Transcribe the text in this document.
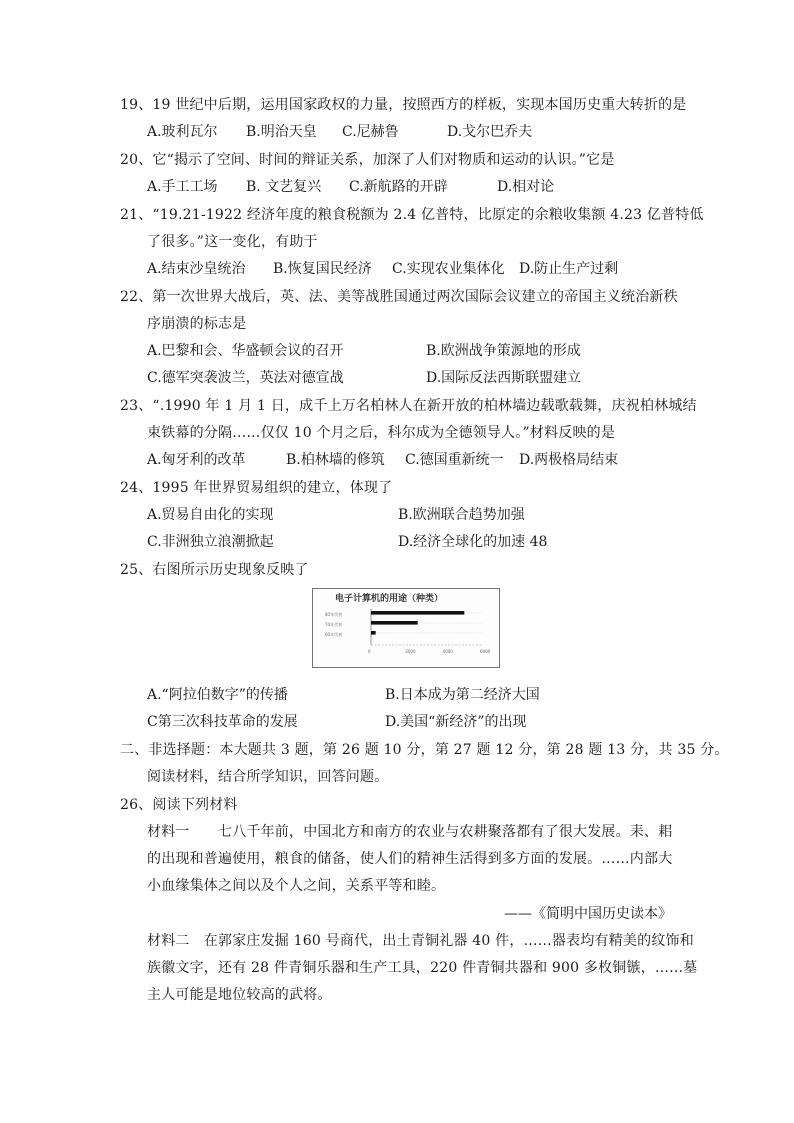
19、19 世纪中后期，运用国家政权的力量，按照西方的样板，实现本国历史重大转折的是
A.玻利瓦尔 B.明治天皇 C.尼赫鲁	D.戈尔巴乔夫
20、它“揭示了空间、时间的辩证关系，加深了人们对物质和运动的认识。”它是
A.手工工场 B. 文艺复兴 C.新航路的开辟	D.相对论
21、“19.21-1922 经济年度的粮食税额为 2.4 亿普特，比原定的余粮收集额 4.23 亿普特低
了很多。”这一变化，有助于
A.结束沙皇统治 B.恢复国民经济 C.实现农业集体化 D.防止生产过剩
22、第一次世界大战后，英、法、美等战胜国通过两次国际会议建立的帝国主义统治新秩
序崩溃的标志是
A.巴黎和会、华盛顿会议的召开	B.欧洲战争策源地的形成
C.德军突袭波兰，英法对德宣战	D.国际反法西斯联盟建立
23、“.1990 年 1 月 1 日，成千上万名柏林人在新开放的柏林墙边载歌载舞，庆祝柏林城结
束铁幕的分隔……仅仅 10 个月之后，科尔成为全德领导人。”材料反映的是
A.匈牙利的改革	B.柏林墙的修筑 C.德国重新统一 D.两极格局结束
24、1995 年世界贸易组织的建立，体现了
A.贸易自由化的实现	B.欧洲联合趋势加强
C.非洲独立浪潮掀起	D.经济全球化的加速 48
25、右图所示历史现象反映了
电子计算机的用途（种类）
80年代初
70年代初
60年代初
0	2000	4000	6000
A.“阿拉伯数字”的传播	B.日本成为第二经济大国
C第三次科技革命的发展	D.美国“新经济”的出现
二、非选择题：本大题共 3 题，第 26 题 10 分，第 27 题 12 分，第 28 题 13 分，共 35 分。
阅读材料，结合所学知识，回答问题。
26、阅读下列材料
材料一　　七八千年前，中国北方和南方的农业与农耕聚落都有了很大发展。耒、耜
的出现和普遍使用，粮食的储备，使人们的精神生活得到多方面的发展。……内部大
小血缘集体之间以及个人之间，关系平等和睦。
——《简明中国历史读本》
材料二　在郭家庄发掘 160 号商代，出土青铜礼器 40 件，……器表均有精美的纹饰和
族徽文字，还有 28 件青铜乐器和生产工具，220 件青铜共器和 900 多枚铜镞，……墓
主人可能是地位较高的武将。
